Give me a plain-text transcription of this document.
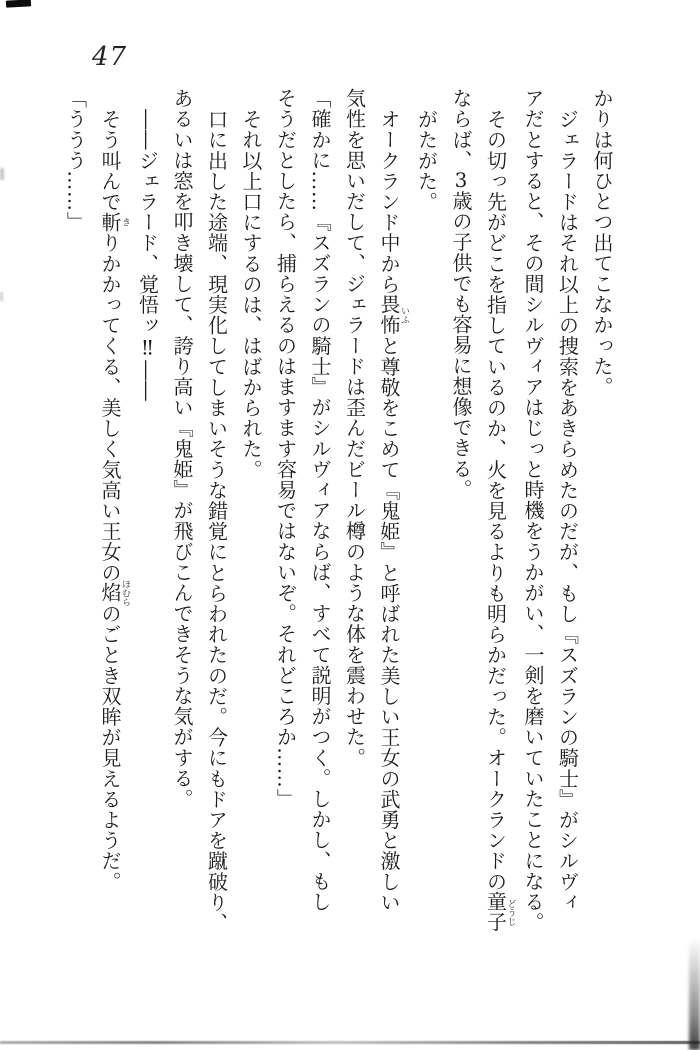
47

かりは何ひとつ出てこなかった。

ジェラードはそれ以上の捜索をあきらめたのだが、もし『スズランの騎士』がシルヴィ

アだとすると、その間シルヴィアはじっと時機をうかがい、一剣を磨いていたことになる。

その切っ先がどこを指しているのか、火を見るよりも明らかだった。オークランドの童子どうじ

ならば、3歳の子供でも容易に想像できる。

がたがた。

オークランド中から畏怖いふと尊敬をこめて『鬼姫』と呼ばれた美しい王女の武勇と激しい

気性を思いだして、ジェラードは歪んだビール樽のような体を震わせた。

「確かに……『スズランの騎士』がシルヴィアならば、すべて説明がつく。しかし、もし

そうだとしたら、捕らえるのはますます容易ではないぞ。それどころか……」

それ以上口にするのは、はばかられた。

口に出した途端、現実化してしまいそうな錯覚にとらわれたのだ。今にもドアを蹴破り、

あるいは窓を叩き壊して、誇り高い『鬼姫』が飛びこんできそうな気がする。

――ジェラード、覚悟ッ‼――

そう叫んで斬きりかかってくる、美しく気高い王女の焰ほむらのごとき双眸が見えるようだ。

「ううう……」
